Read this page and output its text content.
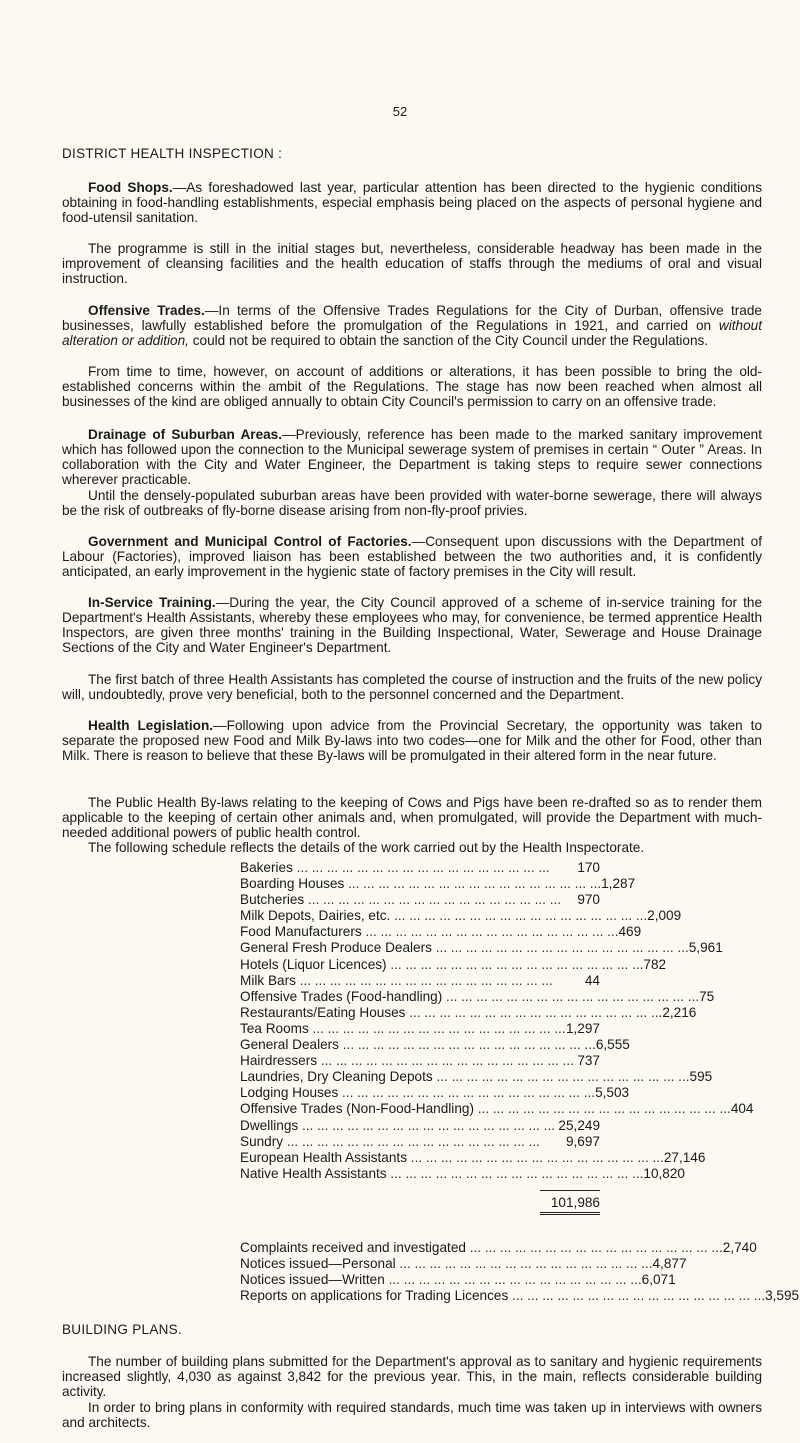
52
DISTRICT HEALTH INSPECTION :

Food Shops.—As foreshadowed last year, particular attention has been directed to the hygienic conditions obtaining in food-handling establishments, especial emphasis being placed on the aspects of personal hygiene and food-utensil sanitation.

The programme is still in the initial stages but, nevertheless, considerable headway has been made in the improvement of cleansing facilities and the health education of staffs through the mediums of oral and visual instruction.

Offensive Trades.—In terms of the Offensive Trades Regulations for the City of Durban, offensive trade businesses, lawfully established before the promulgation of the Regulations in 1921, and carried on without alteration or addition, could not be required to obtain the sanction of the City Council under the Regulations.

From time to time, however, on account of additions or alterations, it has been possible to bring the old-established concerns within the ambit of the Regulations. The stage has now been reached when almost all businesses of the kind are obliged annually to obtain City Council's permission to carry on an offensive trade.

Drainage of Suburban Areas.—Previously, reference has been made to the marked sanitary improvement which has followed upon the connection to the Municipal sewerage system of premises in certain “ Outer ” Areas. In collaboration with the City and Water Engineer, the Department is taking steps to require sewer connections wherever practicable.

Until the densely-populated suburban areas have been provided with water-borne sewerage, there will always be the risk of outbreaks of fly-borne disease arising from non-fly-proof privies.

Government and Municipal Control of Factories.—Consequent upon discussions with the Department of Labour (Factories), improved liaison has been established between the two authorities and, it is confidently anticipated, an early improvement in the hygienic state of factory premises in the City will result.

In-Service Training.—During the year, the City Council approved of a scheme of in-service training for the Department's Health Assistants, whereby these employees who may, for convenience, be termed apprentice Health Inspectors, are given three months' training in the Building Inspectional, Water, Sewerage and House Drainage Sections of the City and Water Engineer's Department.

The first batch of three Health Assistants has completed the course of instruction and the fruits of the new policy will, undoubtedly, prove very beneficial, both to the personnel concerned and the Department.

Health Legislation.—Following upon advice from the Provincial Secretary, the opportunity was taken to separate the proposed new Food and Milk By-laws into two codes—one for Milk and the other for Food, other than Milk. There is reason to believe that these By-laws will be promulgated in their altered form in the near future.

The Public Health By-laws relating to the keeping of Cows and Pigs have been re-drafted so as to render them applicable to the keeping of certain other animals and, when promulgated, will provide the Department with much-needed additional powers of public health control.

The following schedule reflects the details of the work carried out by the Health Inspectorate.

Bakeries ... ... ... ... ... ... ... ... ... ... ... ... ... ... ... ... ...	170
Boarding Houses ... ... ... ... ... ... ... ... ... ... ... ... ... ... ... ... ... 1,287
Butcheries ... ... ... ... ... ... ... ... ... ... ... ... ... ... ... ... ...	970
Milk Depots, Dairies, etc. ... ... ... ... ... ... ... ... ... ... ... ... ... ... ... ... ... 2,009
Food Manufacturers ... ... ... ... ... ... ... ... ... ... ... ... ... ... ... ... ... 469
General Fresh Produce Dealers ... ... ... ... ... ... ... ... ... ... ... ... ... ... ... ... ... 5,961
Hotels (Liquor Licences) ... ... ... ... ... ... ... ... ... ... ... ... ... ... ... ... ... 782
Milk Bars ... ... ... ... ... ... ... ... ... ... ... ... ... ... ... ... ...	44
Offensive Trades (Food-handling) ... ... ... ... ... ... ... ... ... ... ... ... ... ... ... ... ... 75
Restaurants/Eating Houses ... ... ... ... ... ... ... ... ... ... ... ... ... ... ... ... ... 2,216
Tea Rooms ... ... ... ... ... ... ... ... ... ... ... ... ... ... ... ... ... 1,297
General Dealers ... ... ... ... ... ... ... ... ... ... ... ... ... ... ... ... ... 6,555
Hairdressers ... ... ... ... ... ... ... ... ... ... ... ... ... ... ... ... ... 737
Laundries, Dry Cleaning Depots ... ... ... ... ... ... ... ... ... ... ... ... ... ... ... ... ... 595
Lodging Houses ... ... ... ... ... ... ... ... ... ... ... ... ... ... ... ... ... 5,503
Offensive Trades (Non-Food-Handling) ... ... ... ... ... ... ... ... ... ... ... ... ... ... ... ... ... 404
Dwellings ... ... ... ... ... ... ... ... ... ... ... ... ... ... ... ... ... 25,249
Sundry ... ... ... ... ... ... ... ... ... ... ... ... ... ... ... ... ...	9,697
European Health Assistants ... ... ... ... ... ... ... ... ... ... ... ... ... ... ... ... ... 27,146
Native Health Assistants ... ... ... ... ... ... ... ... ... ... ... ... ... ... ... ... ... 10,820
101,986
Complaints received and investigated ... ... ... ... ... ... ... ... ... ... ... ... ... ... ... ... ... 2,740
Notices issued—Personal ... ... ... ... ... ... ... ... ... ... ... ... ... ... ... ... ... 4,877
Notices issued—Written ... ... ... ... ... ... ... ... ... ... ... ... ... ... ... ... ... 6,071
Reports on applications for Trading Licences ... ... ... ... ... ... ... ... ... ... ... ... ... ... ... ... ... 3,595
BUILDING PLANS.

The number of building plans submitted for the Department's approval as to sanitary and hygienic requirements increased slightly, 4,030 as against 3,842 for the previous year. This, in the main, reflects considerable building activity.

In order to bring plans in conformity with required standards, much time was taken up in interviews with owners and architects.
